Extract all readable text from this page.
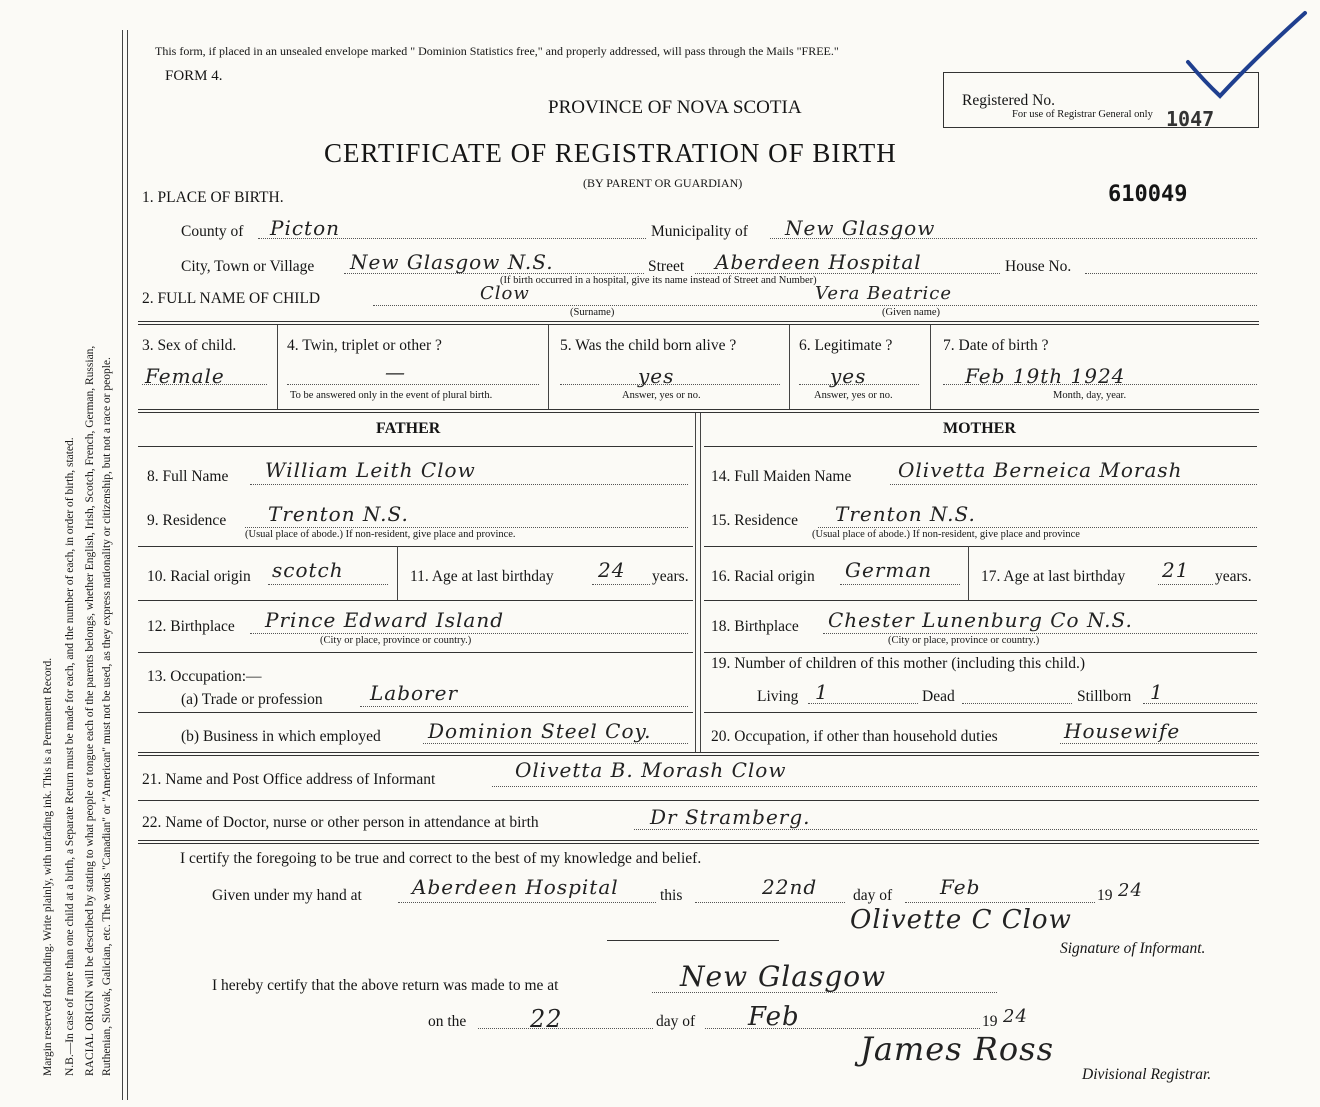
Margin reserved for binding. Write plainly, with unfading ink. This is a Permanent Record. N.B.—In case of more than one child at a birth, a Separate Return must be made for each, and the number of each, in order of birth, stated. RACIAL ORIGIN will be described by stating to what people or tongue each of the parents belongs, whether English, Irish, Scotch, French, German, Russian, Ruthenian, Slovak, Galician, etc. The words "Canadian" or "American" must not be used, as they express nationality or citizenship, but not a race or people.
This form, if placed in an unsealed envelope marked " Dominion Statistics free," and properly addressed, will pass through the Mails "FREE."
FORM 4.
PROVINCE OF NOVA SCOTIA
CERTIFICATE OF REGISTRATION OF BIRTH
(BY PARENT OR GUARDIAN)
Registered No.
For use of Registrar General only 1047
610049
1. PLACE OF BIRTH.
County of Picton	Municipality of New Glasgow
City, Town or Village New Glasgow N.S.	Street Aberdeen Hospital	House No.
(If birth occurred in a hospital, give its name instead of Street and Number)
2. FULL NAME OF CHILD	Clow	Vera Beatrice
(Surname)	(Given name)
3. Sex of child.
Female
4. Twin, triplet or other ?
—
To be answered only in the event of plural birth.
5. Was the child born alive ?
yes
Answer, yes or no.
6. Legitimate ?
yes
Answer, yes or no.
7. Date of birth ?
Feb 19th 1924
Month, day, year.
FATHER	MOTHER
8. Full Name William Leith Clow
9. Residence Trenton N.S.
(Usual place of abode.) If non-resident, give place and province.
10. Racial origin scotch	11. Age at last birthday 24 years.
12. Birthplace Prince Edward Island
(City or place, province or country.)
13. Occupation:—
(a) Trade or profession Laborer
(b) Business in which employed Dominion Steel Coy.
14. Full Maiden Name Olivetta Berneica Morash
15. Residence Trenton N.S.
(Usual place of abode.) If non-resident, give place and province
16. Racial origin German	17. Age at last birthday 21 years.
18. Birthplace Chester Lunenburg Co N.S.
(City or place, province or country.)
19. Number of children of this mother (including this child.)
Living 1	Dead	Stillborn 1
20. Occupation, if other than household duties	Housewife
21. Name and Post Office address of Informant	Olivetta B. Morash Clow
22. Name of Doctor, nurse or other person in attendance at birth	Dr Stramberg.
I certify the foregoing to be true and correct to the best of my knowledge and belief.
Given under my hand at	Aberdeen Hospital	this	22nd day of Feb	19 24
Olivette C Clow
Signature of Informant.
I hereby certify that the above return was made to me at	New Glasgow
on the	22	day of Feb	19 24
James Ross
Divisional Registrar.
